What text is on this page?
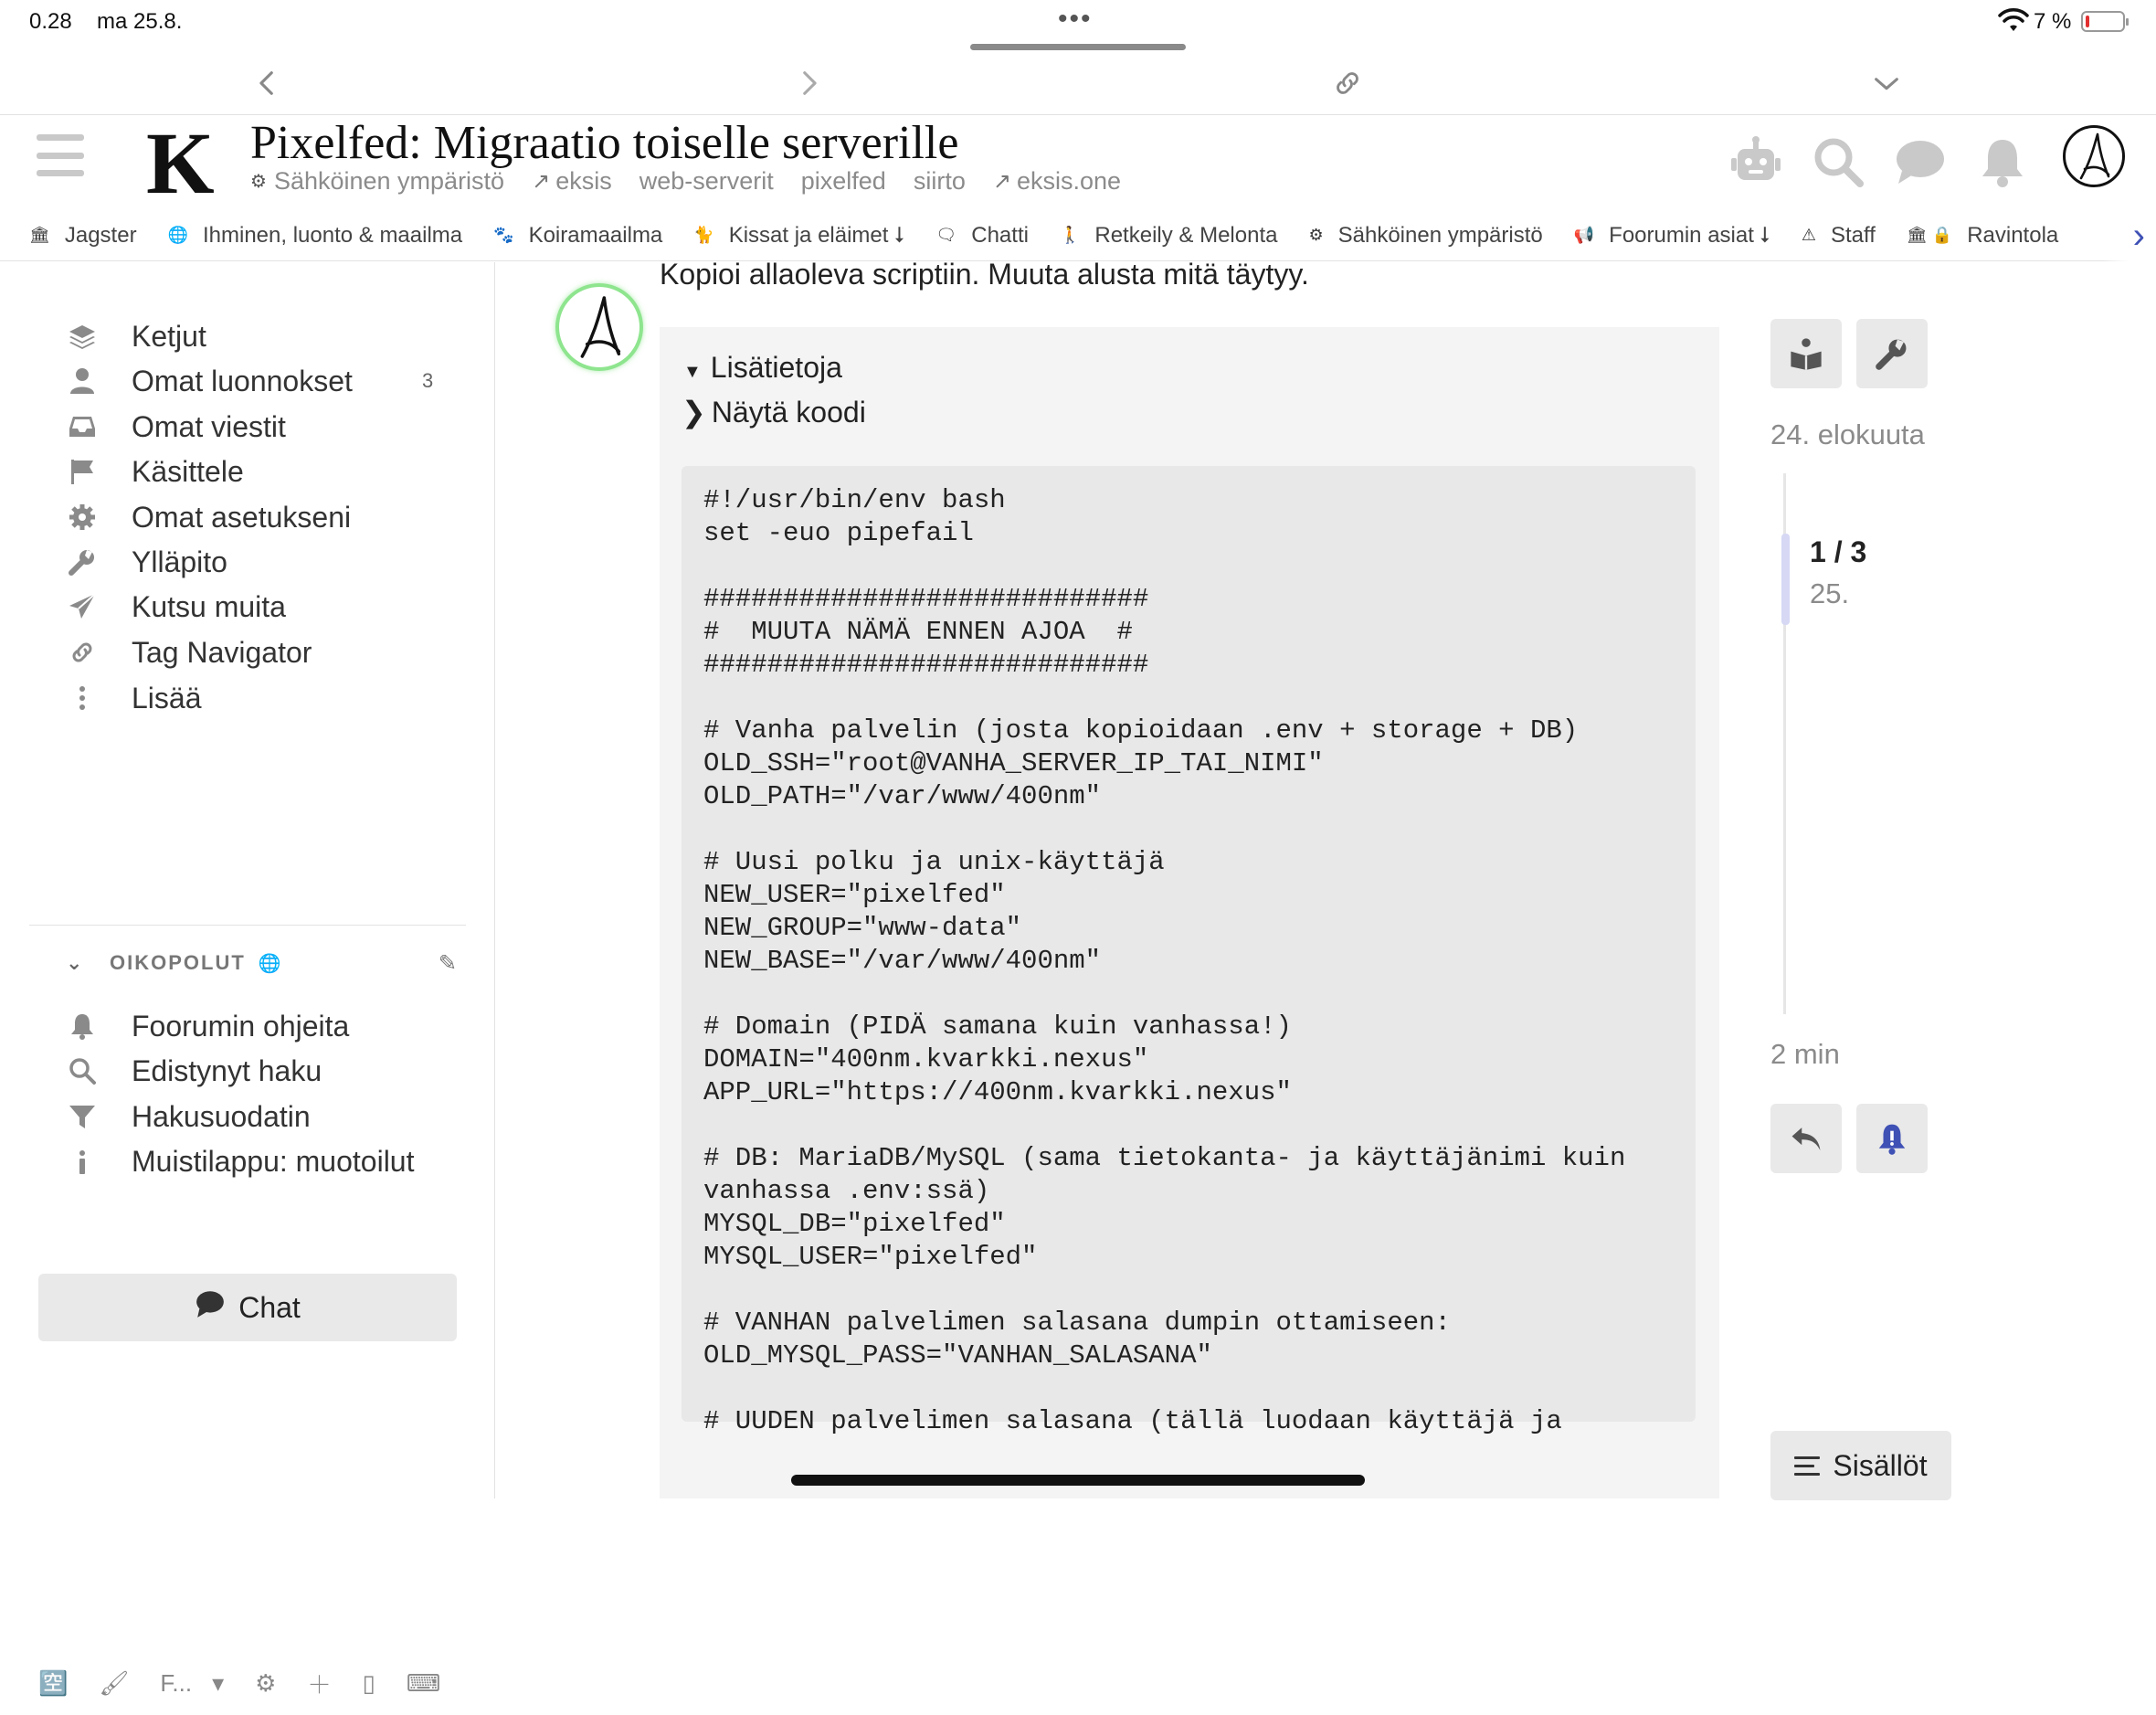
0.28 ma 25.8.	•••	7 %
K Pixelfed: Migraatio toiselle serverille
⚙ Sähköinen ympäristö ↗ eksis web-serverit pixelfed siirto ↗ eksis.one
🏛 Jagster 🌐 Ihminen, luonto & maailma 🐾 Koiramaailma 🐈 Kissat ja eläimet ⭣ 🗨 Chatti 🚶 Retkeily & Melonta ⚙ Sähköinen ympäristö 📢 Foorumin asiat ⭣ ⚠ Staff 🏛 🔒 Ravintola	›
Ketjut
Omat luonnokset	3
Omat viestit
Käsittele
Omat asetukseni
Ylläpito
Kutsu muita
Tag Navigator
Lisää
⌄	OIKOPOLUT 🌐	✎
Foorumin ohjeita
Edistynyt haku
Hakusuodatin
Muistilappu: muotoilut
Chat
🈳 🖌 F... ▾ ⚙ ＋ ▯ ⌨
Kopioi allaoleva scriptiin. Muuta alusta mitä täytyy.
▼ Lisätietoja
❯ Näytä koodi
#!/usr/bin/env bash
set -euo pipefail

############################
#  MUUTA NÄMÄ ENNEN AJOA  #
############################

# Vanha palvelin (josta kopioidaan .env + storage + DB)
OLD_SSH="root@VANHA_SERVER_IP_TAI_NIMI"
OLD_PATH="/var/www/400nm"

# Uusi polku ja unix-käyttäjä
NEW_USER="pixelfed"
NEW_GROUP="www-data"
NEW_BASE="/var/www/400nm"

# Domain (PIDÄ samana kuin vanhassa!)
DOMAIN="400nm.kvarkki.nexus"
APP_URL="https://400nm.kvarkki.nexus"

# DB: MariaDB/MySQL (sama tietokanta- ja käyttäjänimi kuin
vanhassa .env:ssä)
MYSQL_DB="pixelfed"
MYSQL_USER="pixelfed"

# VANHAN palvelimen salasana dumpin ottamiseen:
OLD_MYSQL_PASS="VANHAN_SALASANA"

# UUDEN palvelimen salasana (tällä luodaan käyttäjä ja
24. elokuuta
1 / 3
25.
2 min
Sisällöt
